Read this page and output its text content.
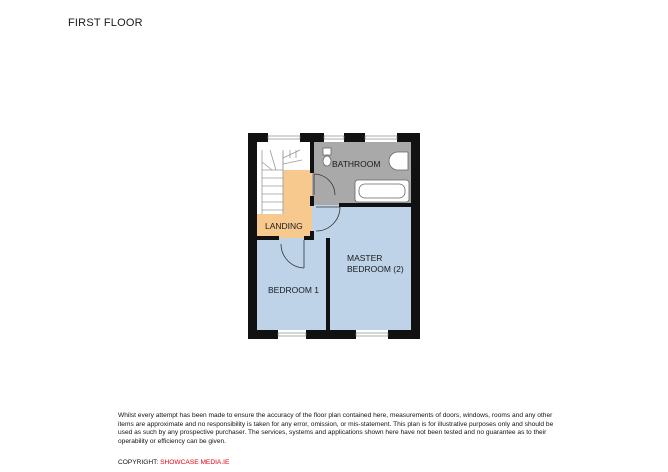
FIRST FLOOR
BATHROOM
LANDING
MASTER
BEDROOM (2)
BEDROOM 1
Whilst every attempt has been made to ensure the accuracy of the floor plan contained here, measurements of doors, windows, rooms and any other items are approximate and no responsibility is taken for any error, omission, or mis-statement. This plan is for illustrative purposes only and should be used as such by any prospective purchaser. The services, systems and applications shown here have not been tested and no guarantee as to their operability or efficiency can be given.
COPYRIGHT: SHOWCASE MEDIA.IE
